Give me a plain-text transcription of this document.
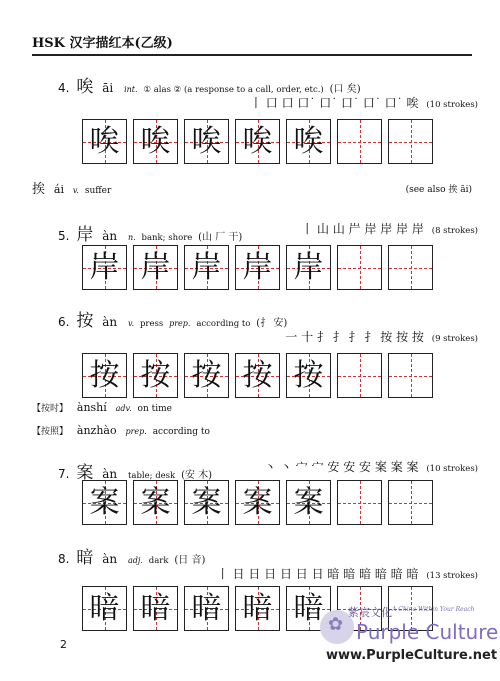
HSK 汉字描红本(乙级)
4. 唉 āi int. ① alas ② (a response to a call, order, etc.) (口 矣)
丨 口 口 口˙ 口˙ 口˙ 口˙ 口˙ 唉 (10 strokes)
唉 唉 唉 唉 唉
挨 ái v. suffer	(see also 挨 āi)
5. 岸 àn n. bank; shore (山 厂 干)
丨 山 山 屵 岸 岸 岸 岸 (8 strokes)
岸 岸 岸 岸 岸
6. 按 àn v. press prep. according to (扌 安)
一 十 扌 扌 扌 扌 按 按 按 (9 strokes)
按 按 按 按 按
【按时】 ànshí adv. on time
【按照】 ànzhào prep. according to
7. 案 àn table; desk (安 木)
丶 丶 宀 宀 安 安 安 案 案 案 (10 strokes)
案 案 案 案 案
8. 暗 àn adj. dark (日 音)
丨 日 日 日 日 日 日 暗 暗 暗 暗 暗 暗 (13 strokes)
暗 暗 暗 暗 暗
2
✿
紫宸文化 A China Within Your Reach
Purple Culture
www.PurpleCulture.net
